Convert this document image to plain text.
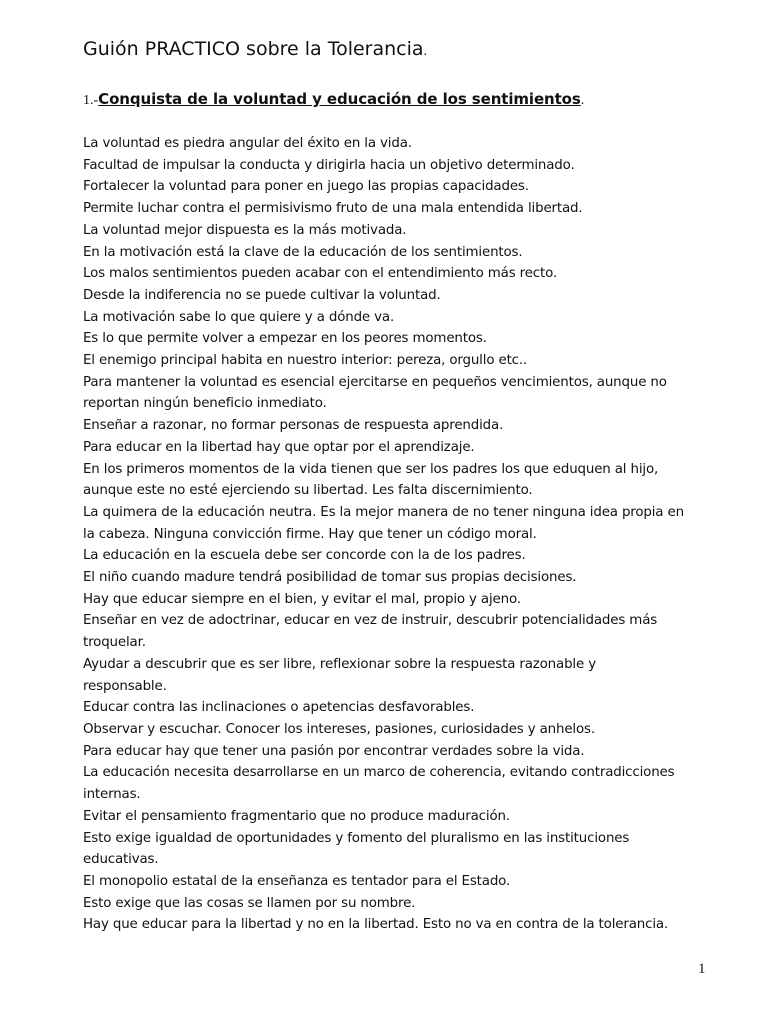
Guión PRACTICO sobre la Tolerancia.
1.-Conquista de la voluntad y educación de los sentimientos.
La voluntad es piedra angular del éxito en la vida.
Facultad de impulsar la conducta y dirigirla hacia un objetivo determinado.
Fortalecer la voluntad para poner en juego las propias capacidades.
Permite luchar contra el permisivismo fruto de una mala entendida libertad.
La voluntad mejor dispuesta es la más motivada.
En la motivación está la clave de la educación de los sentimientos.
Los malos sentimientos pueden acabar con el entendimiento más recto.
Desde la indiferencia no se puede cultivar la voluntad.
La motivación sabe lo que quiere y a dónde va.
Es lo que permite volver a empezar en los peores momentos.
El enemigo principal habita en nuestro interior: pereza, orgullo etc..
Para mantener la voluntad es esencial ejercitarse en pequeños vencimientos, aunque no
reportan ningún beneficio inmediato.
Enseñar a razonar, no formar personas de respuesta aprendida.
Para educar en la libertad hay que optar por el aprendizaje.
En los primeros momentos de la vida tienen que ser los padres los que eduquen al hijo,
aunque este no esté ejerciendo su libertad. Les falta discernimiento.
La quimera de la educación neutra. Es la mejor manera de no tener ninguna idea propia en
la cabeza. Ninguna convicción firme. Hay que tener un código moral.
La educación en la escuela debe ser concorde con la de los padres.
El niño cuando madure tendrá posibilidad de tomar sus propias decisiones.
Hay que educar siempre en el bien, y evitar el mal, propio y ajeno.
Enseñar en vez de adoctrinar, educar en vez de instruir, descubrir potencialidades más
troquelar.
Ayudar a descubrir que es ser libre, reflexionar sobre la respuesta razonable y
responsable.
Educar contra las inclinaciones o apetencias desfavorables.
Observar y escuchar. Conocer los intereses, pasiones, curiosidades y anhelos.
Para educar hay que tener una pasión por encontrar verdades sobre la vida.
La educación necesita desarrollarse en un marco de coherencia, evitando contradicciones
internas.
Evitar el pensamiento fragmentario que no produce maduración.
Esto exige igualdad de oportunidades y fomento del pluralismo en las instituciones
educativas.
El monopolio estatal de la enseñanza es tentador para el Estado.
Esto exige que las cosas se llamen por su nombre.
Hay que educar para la libertad y no en la libertad. Esto no va en contra de la tolerancia.
1
